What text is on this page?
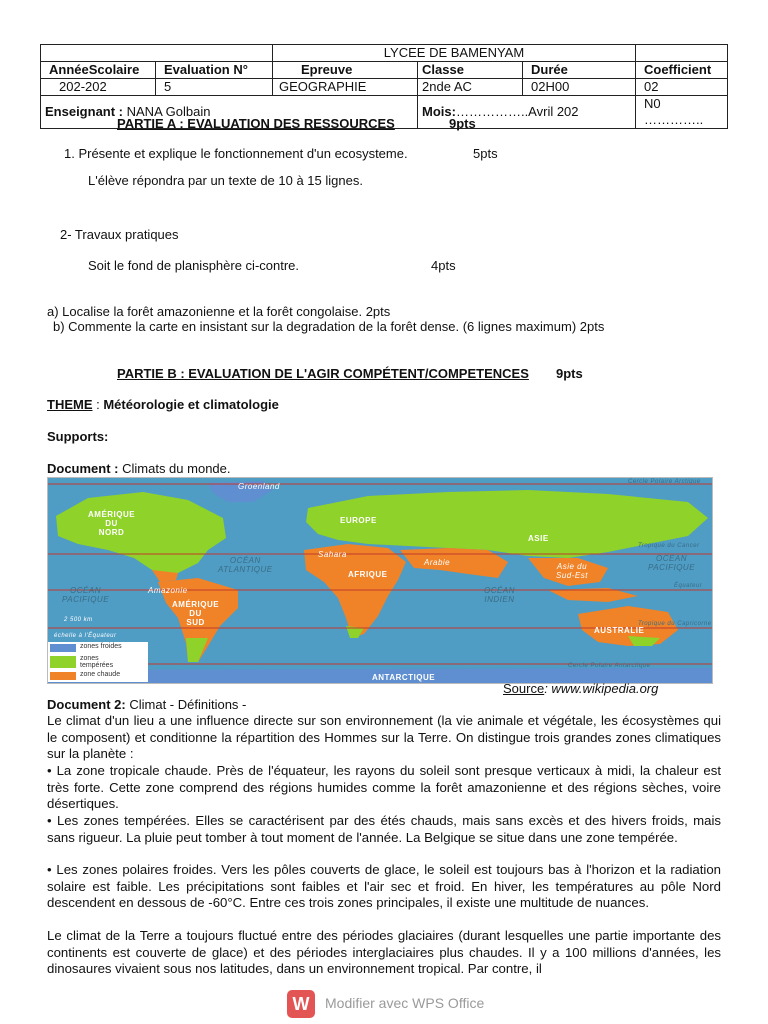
		LYCEE DE BAMENYAM			
AnnéeScolaire	Evaluation N°	Epreuve	Classe	Durée	Coefficient
202-202	5	GEOGRAPHIE	2nde AC	02H00	02
Enseignant : NANA Golbain			Mois:……………..Avril 202		N0 …………..
PARTIE A : EVALUATION DES RESSOURCES	9pts
1. Présente et explique le fonctionnement d'un ecosysteme.	5pts
L'élève répondra par un texte de 10 à 15 lignes.
2- Travaux pratiques
Soit le fond de planisphère ci-contre.	4pts
a) Localise la forêt amazonienne et la forêt congolaise. 2pts
b) Commente la carte en insistant sur la degradation de la forêt dense. (6 lignes maximum) 2pts
PARTIE B : EVALUATION DE L'AGIR COMPÉTENT/COMPETENCES 9pts
THEME : Météorologie et climatologie
Supports:
Document : Climats du monde.
AMÉRIQUE
DU
NORD
EUROPE
ASIE
AFRIQUE
AMÉRIQUE
DU
SUD
AUSTRALIE
ANTARCTIQUE
Groenland
Sahara
Arabie
Amazonie
Asie du
Sud-Est
OCÉAN
ATLANTIQUE
OCÉAN
PACIFIQUE
OCÉAN
PACIFIQUE
OCÉAN
INDIEN
Tropique du Cancer
Équateur
Tropique du Capricorne
Cercle Polaire Arctique
Cercle Polaire Antarctique
2 500 km
échelle à l'Équateur
zones froides
zones
tempérées
zone chaude
Source: www.wikipedia.org
Document 2: Climat - Définitions -
Le climat d'un lieu a une influence directe sur son environnement (la vie animale et végétale, les écosystèmes qui le composent) et conditionne la répartition des Hommes sur la Terre. On distingue trois grandes zones climatiques sur la planète :
• La zone tropicale chaude. Près de l'équateur, les rayons du soleil sont presque verticaux à midi, la chaleur est très forte. Cette zone comprend des régions humides comme la forêt amazonienne et des régions sèches, voire désertiques.
• Les zones tempérées. Elles se caractérisent par des étés chauds, mais sans excès et des hivers froids, mais sans rigueur. La pluie peut tomber à tout moment de l'année. La Belgique se situe dans une zone tempérée.
• Les zones polaires froides. Vers les pôles couverts de glace, le soleil est toujours bas à l'horizon et la radiation solaire est faible. Les précipitations sont faibles et l'air sec et froid. En hiver, les températures au pôle Nord descendent en dessous de -60°C. Entre ces trois zones principales, il existe une multitude de nuances.
Le climat de la Terre a toujours fluctué entre des périodes glaciaires (durant lesquelles une partie importante des continents est couverte de glace) et des périodes interglaciaires plus chaudes. Il y a 100 millions d'années, les dinosaures vivaient sous nos latitudes, dans un environnement tropical. Par contre, il
W	Modifier avec WPS Office
